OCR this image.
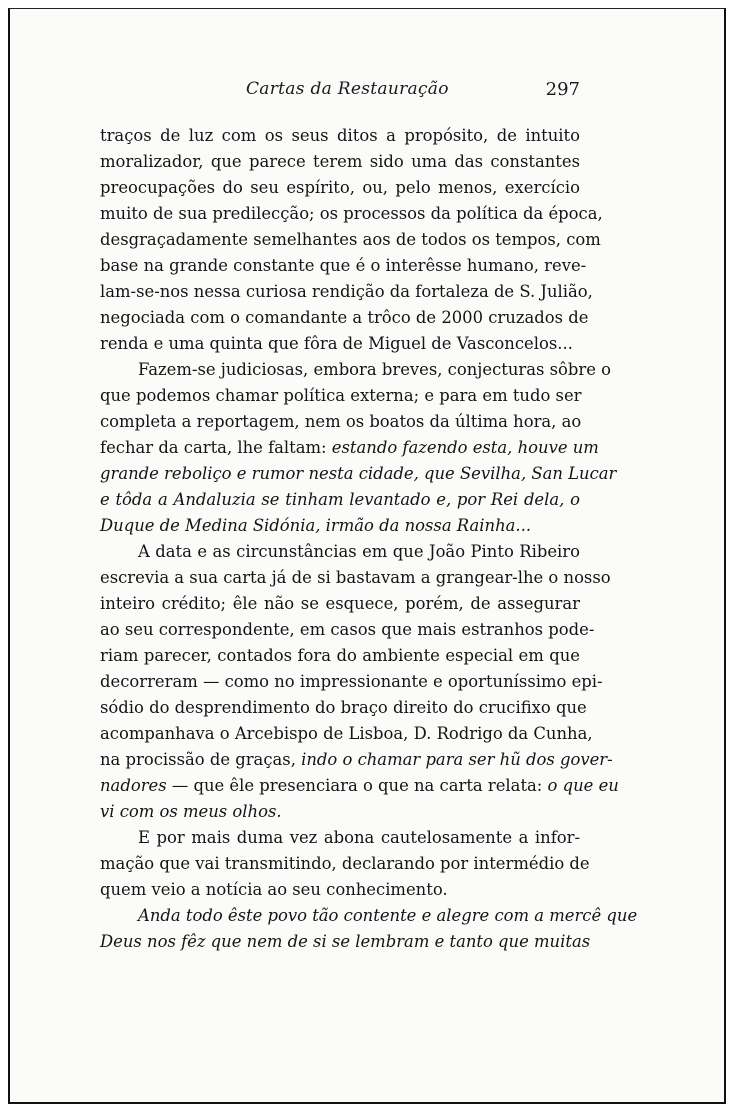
Cartas da Restauração	297
traços de luz com os seus ditos a propósito, de intuito
moralizador, que parece terem sido uma das constantes
preocupações do seu espírito, ou, pelo menos, exercício
muito de sua predilecção; os processos da política da época,
desgraçadamente semelhantes aos de todos os tempos, com
base na grande constante que é o interêsse humano, reve-
lam-se-nos nessa curiosa rendição da fortaleza de S. Julião,
negociada com o comandante a trôco de 2000 cruzados de
renda e uma quinta que fôra de Miguel de Vasconcelos...
Fazem-se judiciosas, embora breves, conjecturas sôbre o
que podemos chamar política externa; e para em tudo ser
completa a reportagem, nem os boatos da última hora, ao
fechar da carta, lhe faltam: estando fazendo esta, houve um
grande reboliço e rumor nesta cidade, que Sevilha, San Lucar
e tôda a Andaluzia se tinham levantado e, por Rei dela, o
Duque de Medina Sidónia, irmão da nossa Rainha...
A data e as circunstâncias em que João Pinto Ribeiro
escrevia a sua carta já de si bastavam a grangear-lhe o nosso
inteiro crédito; êle não se esquece, porém, de assegurar
ao seu correspondente, em casos que mais estranhos pode-
riam parecer, contados fora do ambiente especial em que
decorreram — como no impressionante e oportuníssimo epi-
sódio do desprendimento do braço direito do crucifixo que
acompanhava o Arcebispo de Lisboa, D. Rodrigo da Cunha,
na procissão de graças, indo o chamar para ser hũ dos gover-
nadores — que êle presenciara o que na carta relata: o que eu
vi com os meus olhos.
E por mais duma vez abona cautelosamente a infor-
mação que vai transmitindo, declarando por intermédio de
quem veio a notícia ao seu conhecimento.
Anda todo êste povo tão contente e alegre com a mercê que
Deus nos fêz que nem de si se lembram e tanto que muitas
